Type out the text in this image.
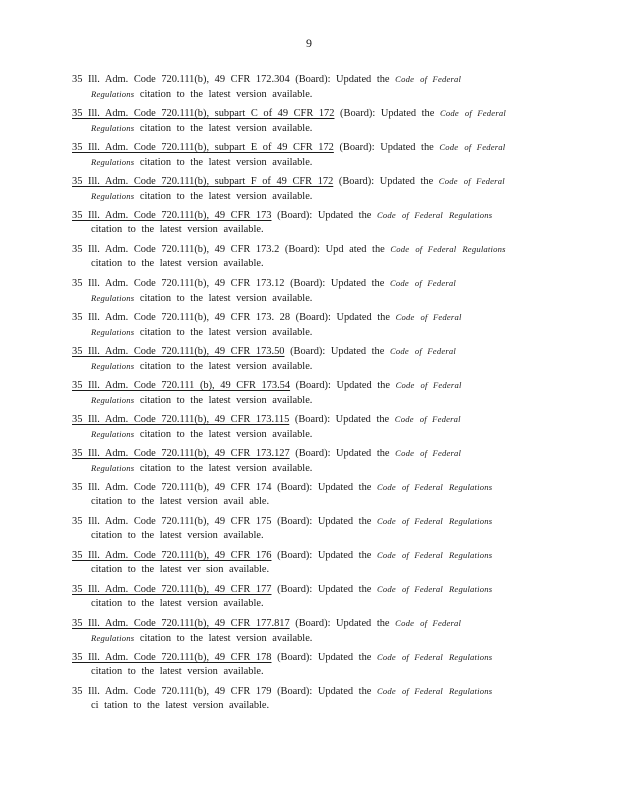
9
35 Ill. Adm. Code 720.111(b), 49 CFR 172.304 (Board): Updated the Code of Federal
Regulations citation to the latest version available.
35 Ill. Adm. Code 720.111(b), subpart C of 49 CFR 172 (Board): Updated the Code of Federal
Regulations citation to the latest version available.
35 Ill. Adm. Code 720.111(b), subpart E of 49 CFR 172 (Board): Updated the Code of Federal
Regulations citation to the latest version available.
35 Ill. Adm. Code 720.111(b), subpart F of 49 CFR 172 (Board): Updated the Code of Federal
Regulations citation to the latest version available.
35 Ill. Adm. Code 720.111(b), 49 CFR 173 (Board): Updated the Code of Federal Regulations
citation to the latest version available.
35 Ill. Adm. Code 720.111(b), 49 CFR 173.2 (Board): Upd ated the Code of Federal Regulations
citation to the latest version available.
35 Ill. Adm. Code 720.111(b), 49 CFR 173.12 (Board): Updated the Code of Federal
Regulations citation to the latest version available.
35 Ill. Adm. Code 720.111(b), 49 CFR 173. 28 (Board): Updated the Code of Federal
Regulations citation to the latest version available.
35 Ill. Adm. Code 720.111(b), 49 CFR 173.50 (Board): Updated the Code of Federal
Regulations citation to the latest version available.
35 Ill. Adm. Code 720.111 (b), 49 CFR 173.54 (Board): Updated the Code of Federal
Regulations citation to the latest version available.
35 Ill. Adm. Code 720.111(b), 49 CFR 173.115 (Board): Updated the Code of Federal
Regulations citation to the latest version available.
35 Ill. Adm. Code 720.111(b), 49 CFR 173.127 (Board): Updated the Code of Federal
Regulations citation to the latest version available.
35 Ill. Adm. Code 720.111(b), 49 CFR 174 (Board): Updated the Code of Federal Regulations
citation to the latest version avail able.
35 Ill. Adm. Code 720.111(b), 49 CFR 175 (Board): Updated the Code of Federal Regulations
citation to the latest version available.
35 Ill. Adm. Code 720.111(b), 49 CFR 176 (Board): Updated the Code of Federal Regulations
citation to the latest ver sion available.
35 Ill. Adm. Code 720.111(b), 49 CFR 177 (Board): Updated the Code of Federal Regulations
citation to the latest version available.
35 Ill. Adm. Code 720.111(b), 49 CFR 177.817 (Board): Updated the Code of Federal
Regulations citation to the latest version available.
35 Ill. Adm. Code 720.111(b), 49 CFR 178 (Board): Updated the Code of Federal Regulations
citation to the latest version available.
35 Ill. Adm. Code 720.111(b), 49 CFR 179 (Board): Updated the Code of Federal Regulations
ci tation to the latest version available.
